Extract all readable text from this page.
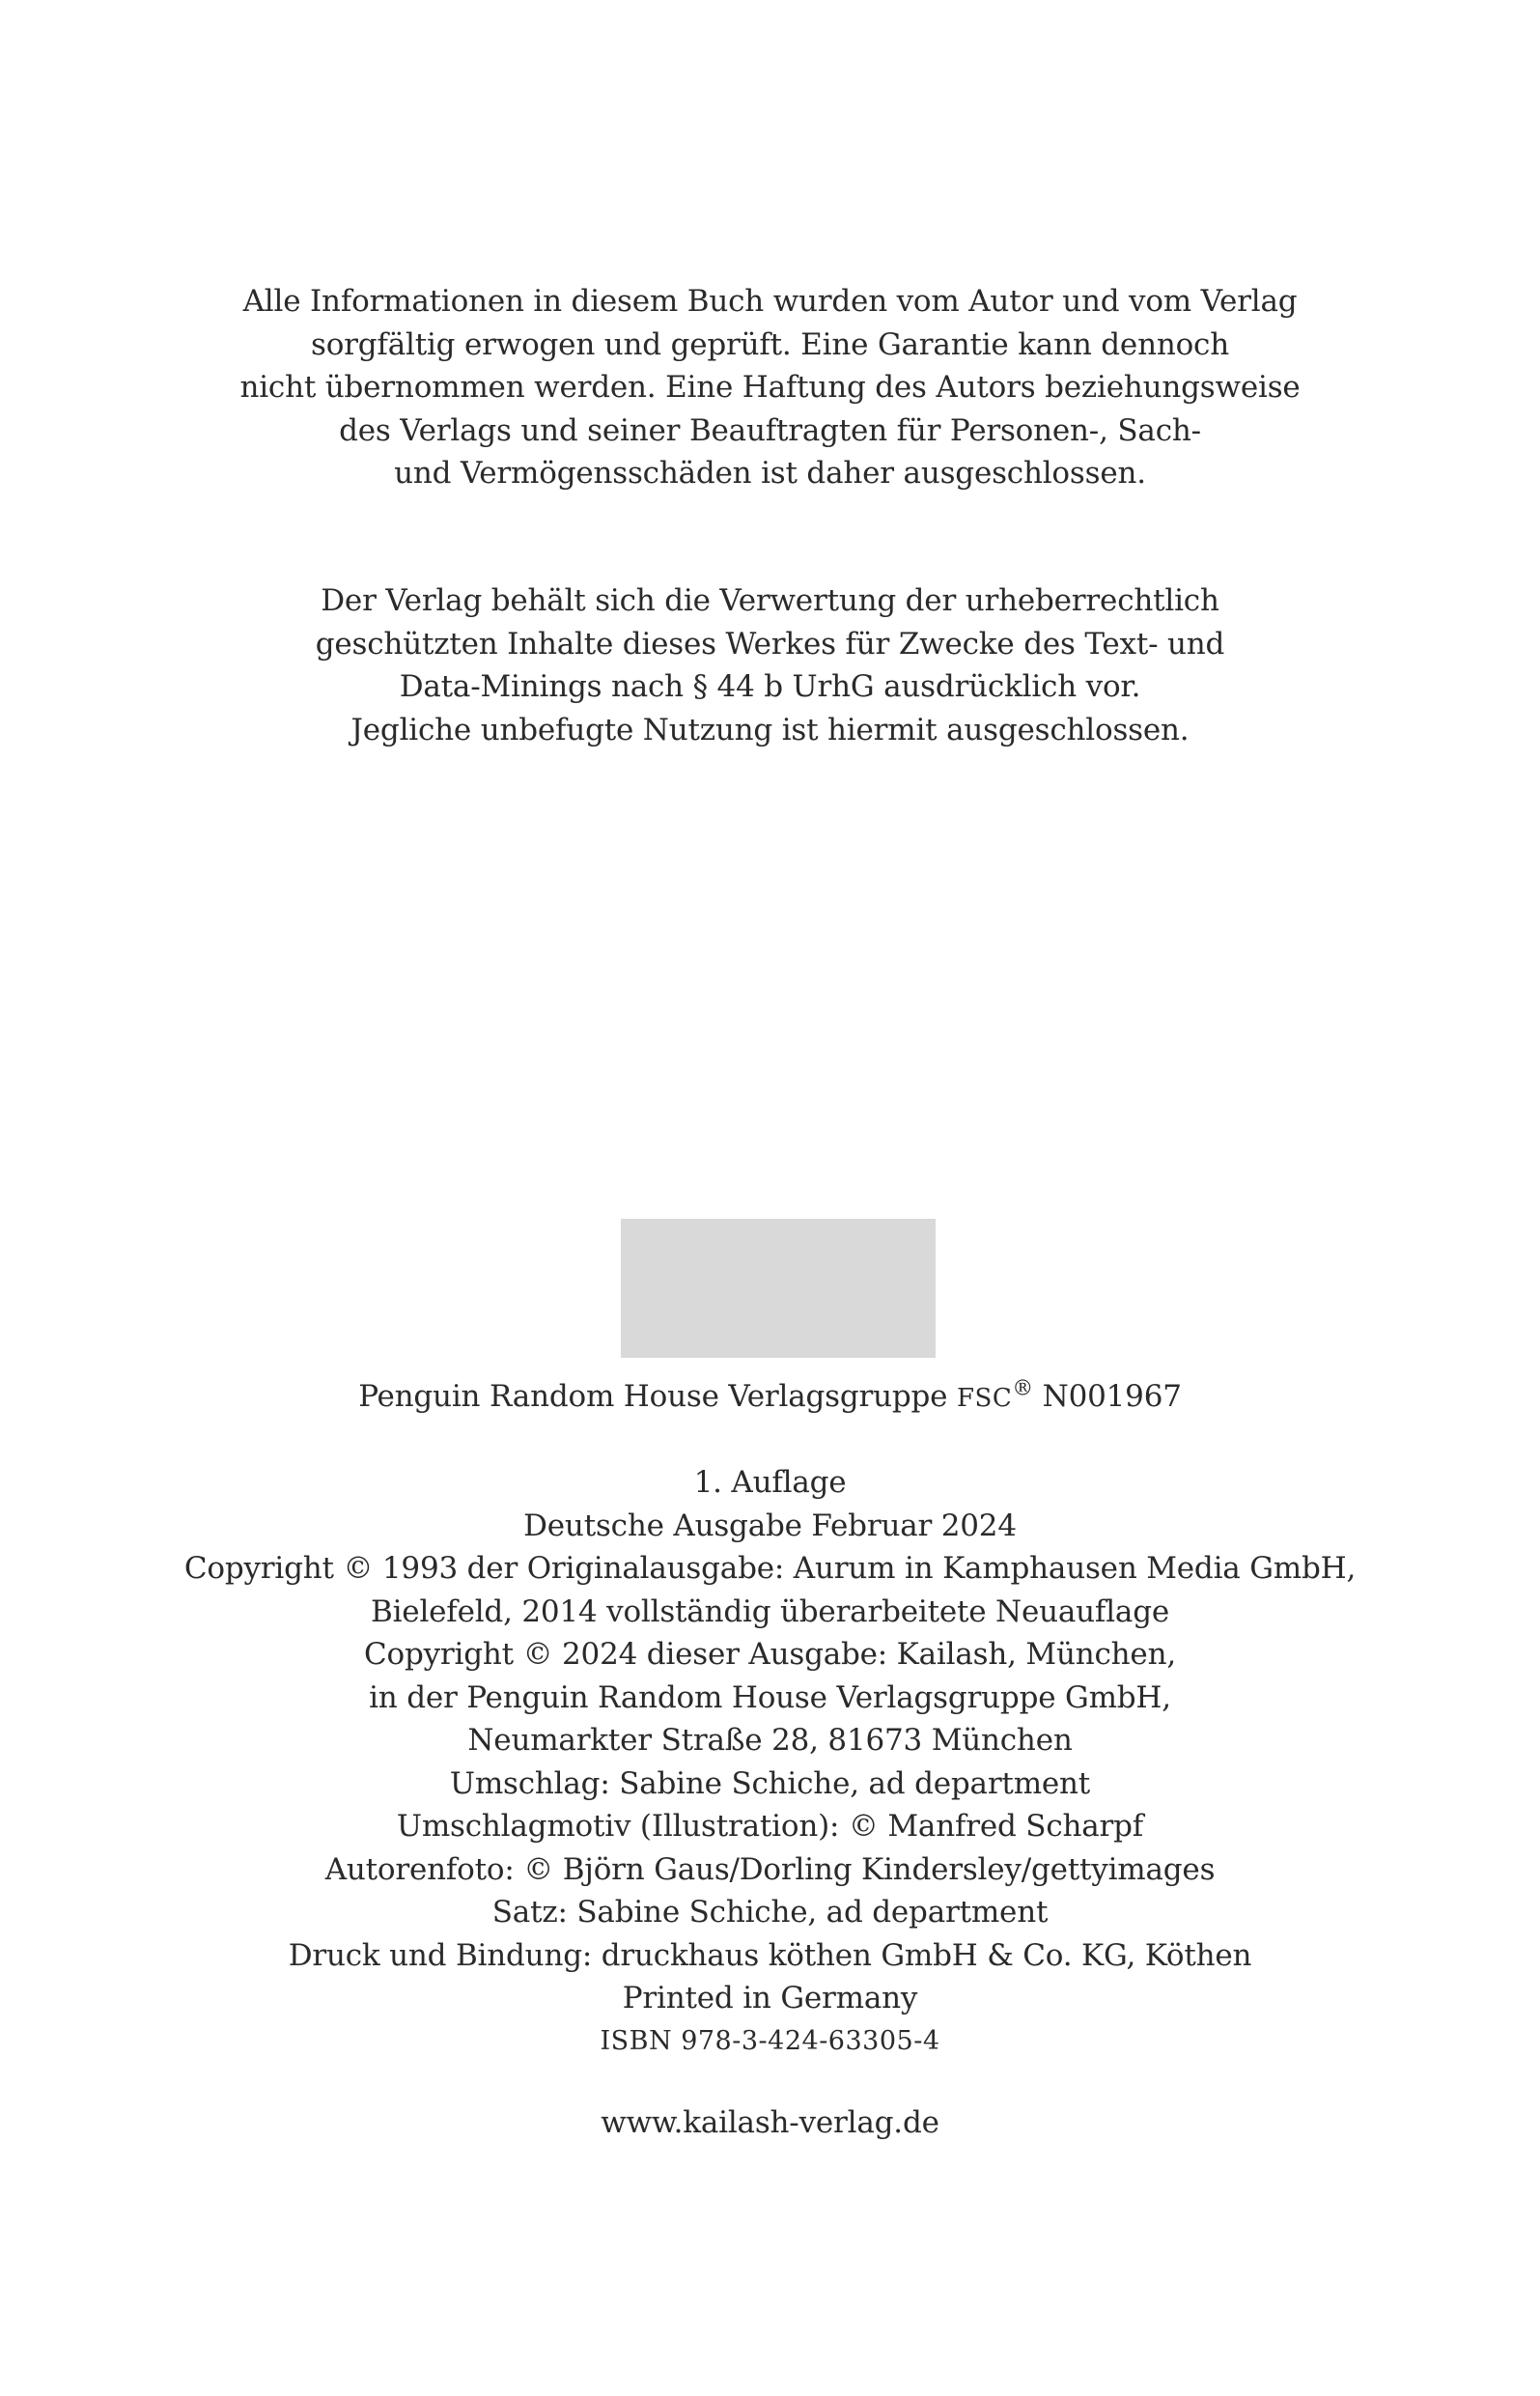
Alle Informationen in diesem Buch wurden vom Autor und vom Verlag
sorgfältig erwogen und geprüft. Eine Garantie kann dennoch
nicht übernommen werden. Eine Haftung des Autors beziehungsweise
des Verlags und seiner Beauftragten für Personen-, Sach-
und Vermögensschäden ist daher ausgeschlossen.
Der Verlag behält sich die Verwertung der urheberrechtlich
geschützten Inhalte dieses Werkes für Zwecke des Text- und
Data-Minings nach § 44 b UrhG ausdrücklich vor.
Jegliche unbefugte Nutzung ist hiermit ausgeschlossen.
Penguin Random House Verlagsgruppe FSC® N001967
1. Auflage
Deutsche Ausgabe Februar 2024
Copyright © 1993 der Originalausgabe: Aurum in Kamphausen Media GmbH,
Bielefeld, 2014 vollständig überarbeitete Neuauflage
Copyright © 2024 dieser Ausgabe: Kailash, München,
in der Penguin Random House Verlagsgruppe GmbH,
Neumarkter Straße 28, 81673 München
Umschlag: Sabine Schiche, ad department
Umschlagmotiv (Illustration): © Manfred Scharpf
Autorenfoto: © Björn Gaus/Dorling Kindersley/gettyimages
Satz: Sabine Schiche, ad department
Druck und Bindung: druckhaus köthen GmbH & Co. KG, Köthen
Printed in Germany
ISBN 978-3-424-63305-4
www.kailash-verlag.de
